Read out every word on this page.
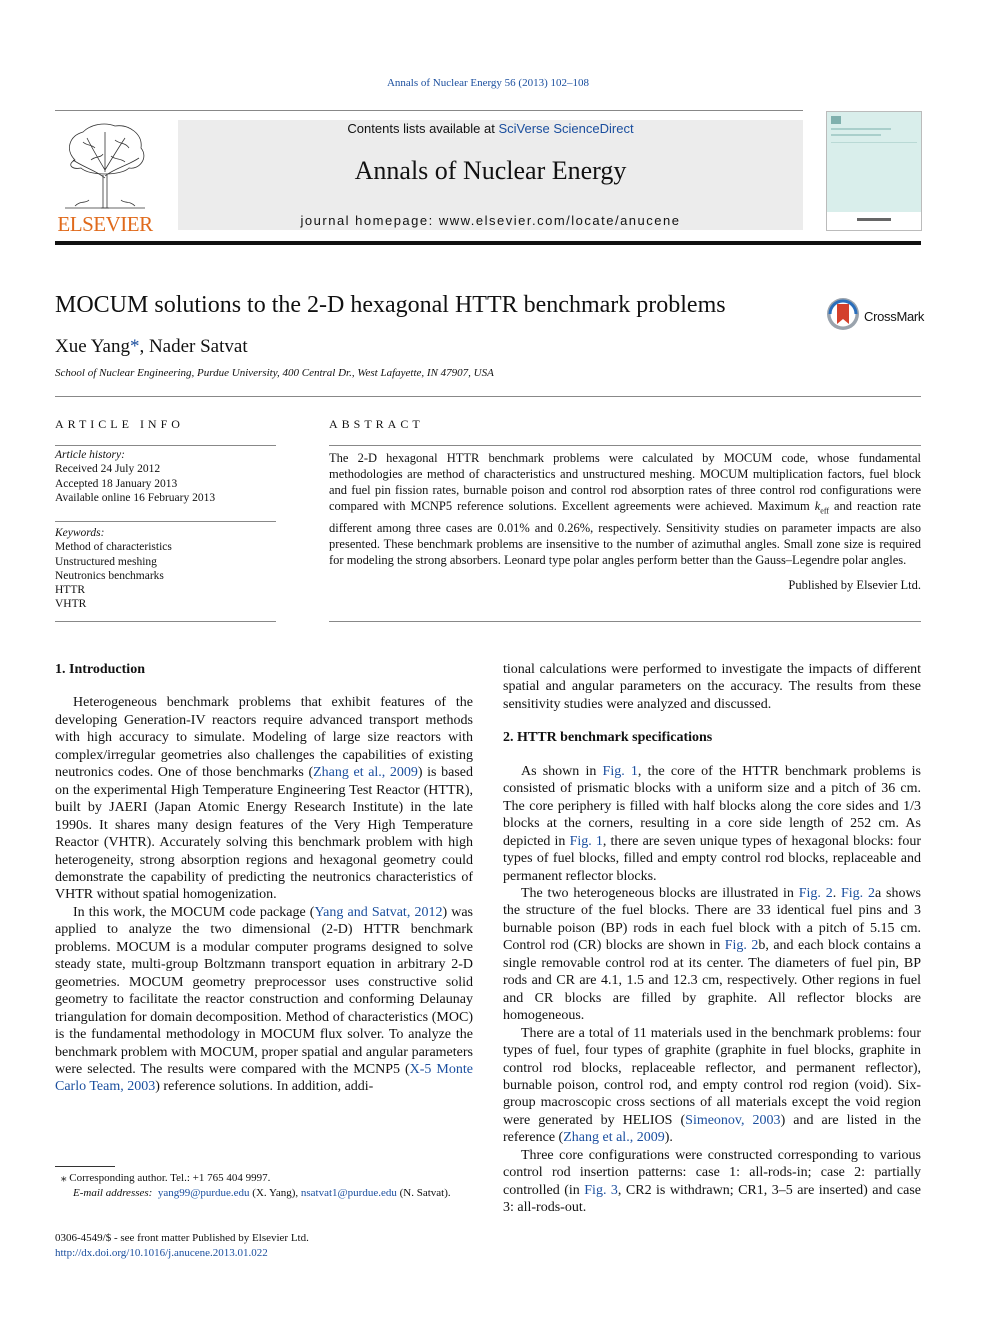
Annals of Nuclear Energy 56 (2013) 102–108
ELSEVIER
Contents lists available at SciVerse ScienceDirect
Annals of Nuclear Energy
journal homepage: www.elsevier.com/locate/anucene
MOCUM solutions to the 2-D hexagonal HTTR benchmark problems	CrossMark
Xue Yang*, Nader Satvat
School of Nuclear Engineering, Purdue University, 400 Central Dr., West Lafayette, IN 47907, USA
ARTICLE INFO
Article history:
Received 24 July 2012
Accepted 18 January 2013
Available online 16 February 2013
Keywords:
Method of characteristics
Unstructured meshing
Neutronics benchmarks
HTTR
VHTR
ABSTRACT
The 2-D hexagonal HTTR benchmark problems were calculated by MOCUM code, whose fundamental methodologies are method of characteristics and unstructured meshing. MOCUM multiplication factors, fuel block and fuel pin fission rates, burnable poison and control rod absorption rates of three control rod configurations were compared with MCNP5 reference solutions. Excellent agreements were achieved. Maximum $k_{eff}$ and reaction rate different among three cases are 0.01% and 0.26%, respectively. Sensitivity studies on parameter impacts are also presented. These benchmark problems are insensitive to the number of azimuthal angles. Small zone size is required for modeling the strong absorbers. Leonard type polar angles perform better than the Gauss–Legendre polar angles.
Published by Elsevier Ltd.
1. Introduction

Heterogeneous benchmark problems that exhibit features of the developing Generation-IV reactors require advanced transport methods with high accuracy to simulate. Modeling of large size reactors with complex/irregular geometries also challenges the capabilities of existing neutronics codes. One of those benchmarks (Zhang et al., 2009) is based on the experimental High Temperature Engineering Test Reactor (HTTR), built by JAERI (Japan Atomic Energy Research Institute) in the late 1990s. It shares many design features of the Very High Temperature Reactor (VHTR). Accurately solving this benchmark problem with high heterogeneity, strong absorption regions and hexagonal geometry could demonstrate the capability of predicting the neutronics characteristics of VHTR without spatial homogenization.

In this work, the MOCUM code package (Yang and Satvat, 2012) was applied to analyze the two dimensional (2-D) HTTR benchmark problems. MOCUM is a modular computer programs designed to solve steady state, multi-group Boltzmann transport equation in arbitrary 2-D geometries. MOCUM geometry preprocessor uses constructive solid geometry to facilitate the reactor construction and conforming Delaunay triangulation for domain decomposition. Method of characteristics (MOC) is the fundamental methodology in MOCUM flux solver. To analyze the benchmark problem with MOCUM, proper spatial and angular parameters were selected. The results were compared with the MCNP5 (X-5 Monte Carlo Team, 2003) reference solutions. In addition, addi-

⁎ Corresponding author. Tel.: +1 765 404 9997.
E-mail addresses: yang99@purdue.edu (X. Yang), nsatvat1@purdue.edu (N. Satvat).
0306-4549/$ - see front matter Published by Elsevier Ltd.
http://dx.doi.org/10.1016/j.anucene.2013.01.022

tional calculations were performed to investigate the impacts of different spatial and angular parameters on the accuracy. The results from these sensitivity studies were analyzed and discussed.

2. HTTR benchmark specifications

As shown in Fig. 1, the core of the HTTR benchmark problems is consisted of prismatic blocks with a uniform size and a pitch of 36 cm. The core periphery is filled with half blocks along the core sides and 1/3 blocks at the corners, resulting in a core side length of 252 cm. As depicted in Fig. 1, there are seven unique types of hexagonal blocks: four types of fuel blocks, filled and empty control rod blocks, replaceable and permanent reflector blocks.

The two heterogeneous blocks are illustrated in Fig. 2. Fig. 2a shows the structure of the fuel blocks. There are 33 identical fuel pins and 3 burnable poison (BP) rods in each fuel block with a pitch of 5.15 cm. Control rod (CR) blocks are shown in Fig. 2b, and each block contains a single removable control rod at its center. The diameters of fuel pin, BP rods and CR are 4.1, 1.5 and 12.3 cm, respectively. Other regions in fuel and CR blocks are filled by graphite. All reflector blocks are homogeneous.

There are a total of 11 materials used in the benchmark problems: four types of fuel, four types of graphite (graphite in fuel blocks, graphite in control rod blocks, replaceable reflector, and permanent reflector), burnable poison, control rod, and empty control rod region (void). Six-group macroscopic cross sections of all materials except the void region were generated by HELIOS (Simeonov, 2003) and are listed in the reference (Zhang et al., 2009).

Three core configurations were constructed corresponding to various control rod insertion patterns: case 1: all-rods-in; case 2: partially controlled (in Fig. 3, CR2 is withdrawn; CR1, 3–5 are inserted) and case 3: all-rods-out.
